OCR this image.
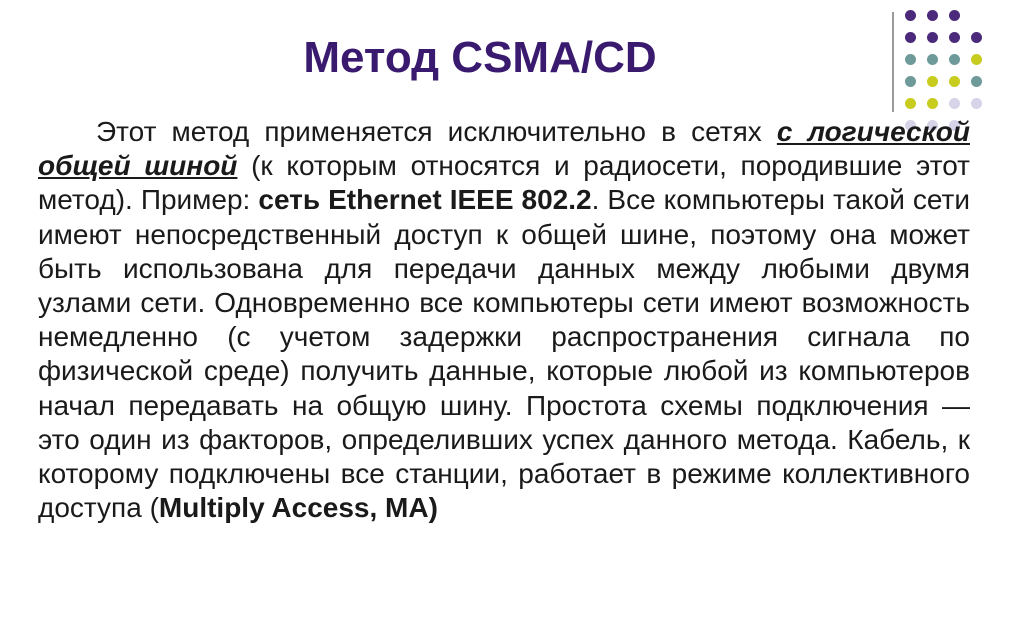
Метод CSMA/CD

Этот метод применяется исключительно в сетях с логической общей шиной (к которым относятся и радиосети, породившие этот метод). Пример: сеть Ethernet IEEE 802.2. Все компьютеры такой сети имеют непосредственный доступ к общей шине, поэтому она может быть использована для передачи данных между любыми двумя узлами сети. Одновременно все компьютеры сети имеют возможность немедленно (с учетом задержки распространения сигнала по физической среде) получить данные, которые любой из компьютеров начал передавать на общую шину. Простота схемы подключения — это один из факторов, определивших успех данного метода. Кабель, к которому подключены все станции, работает в режиме коллективного доступа (Multiply Access, MA)
